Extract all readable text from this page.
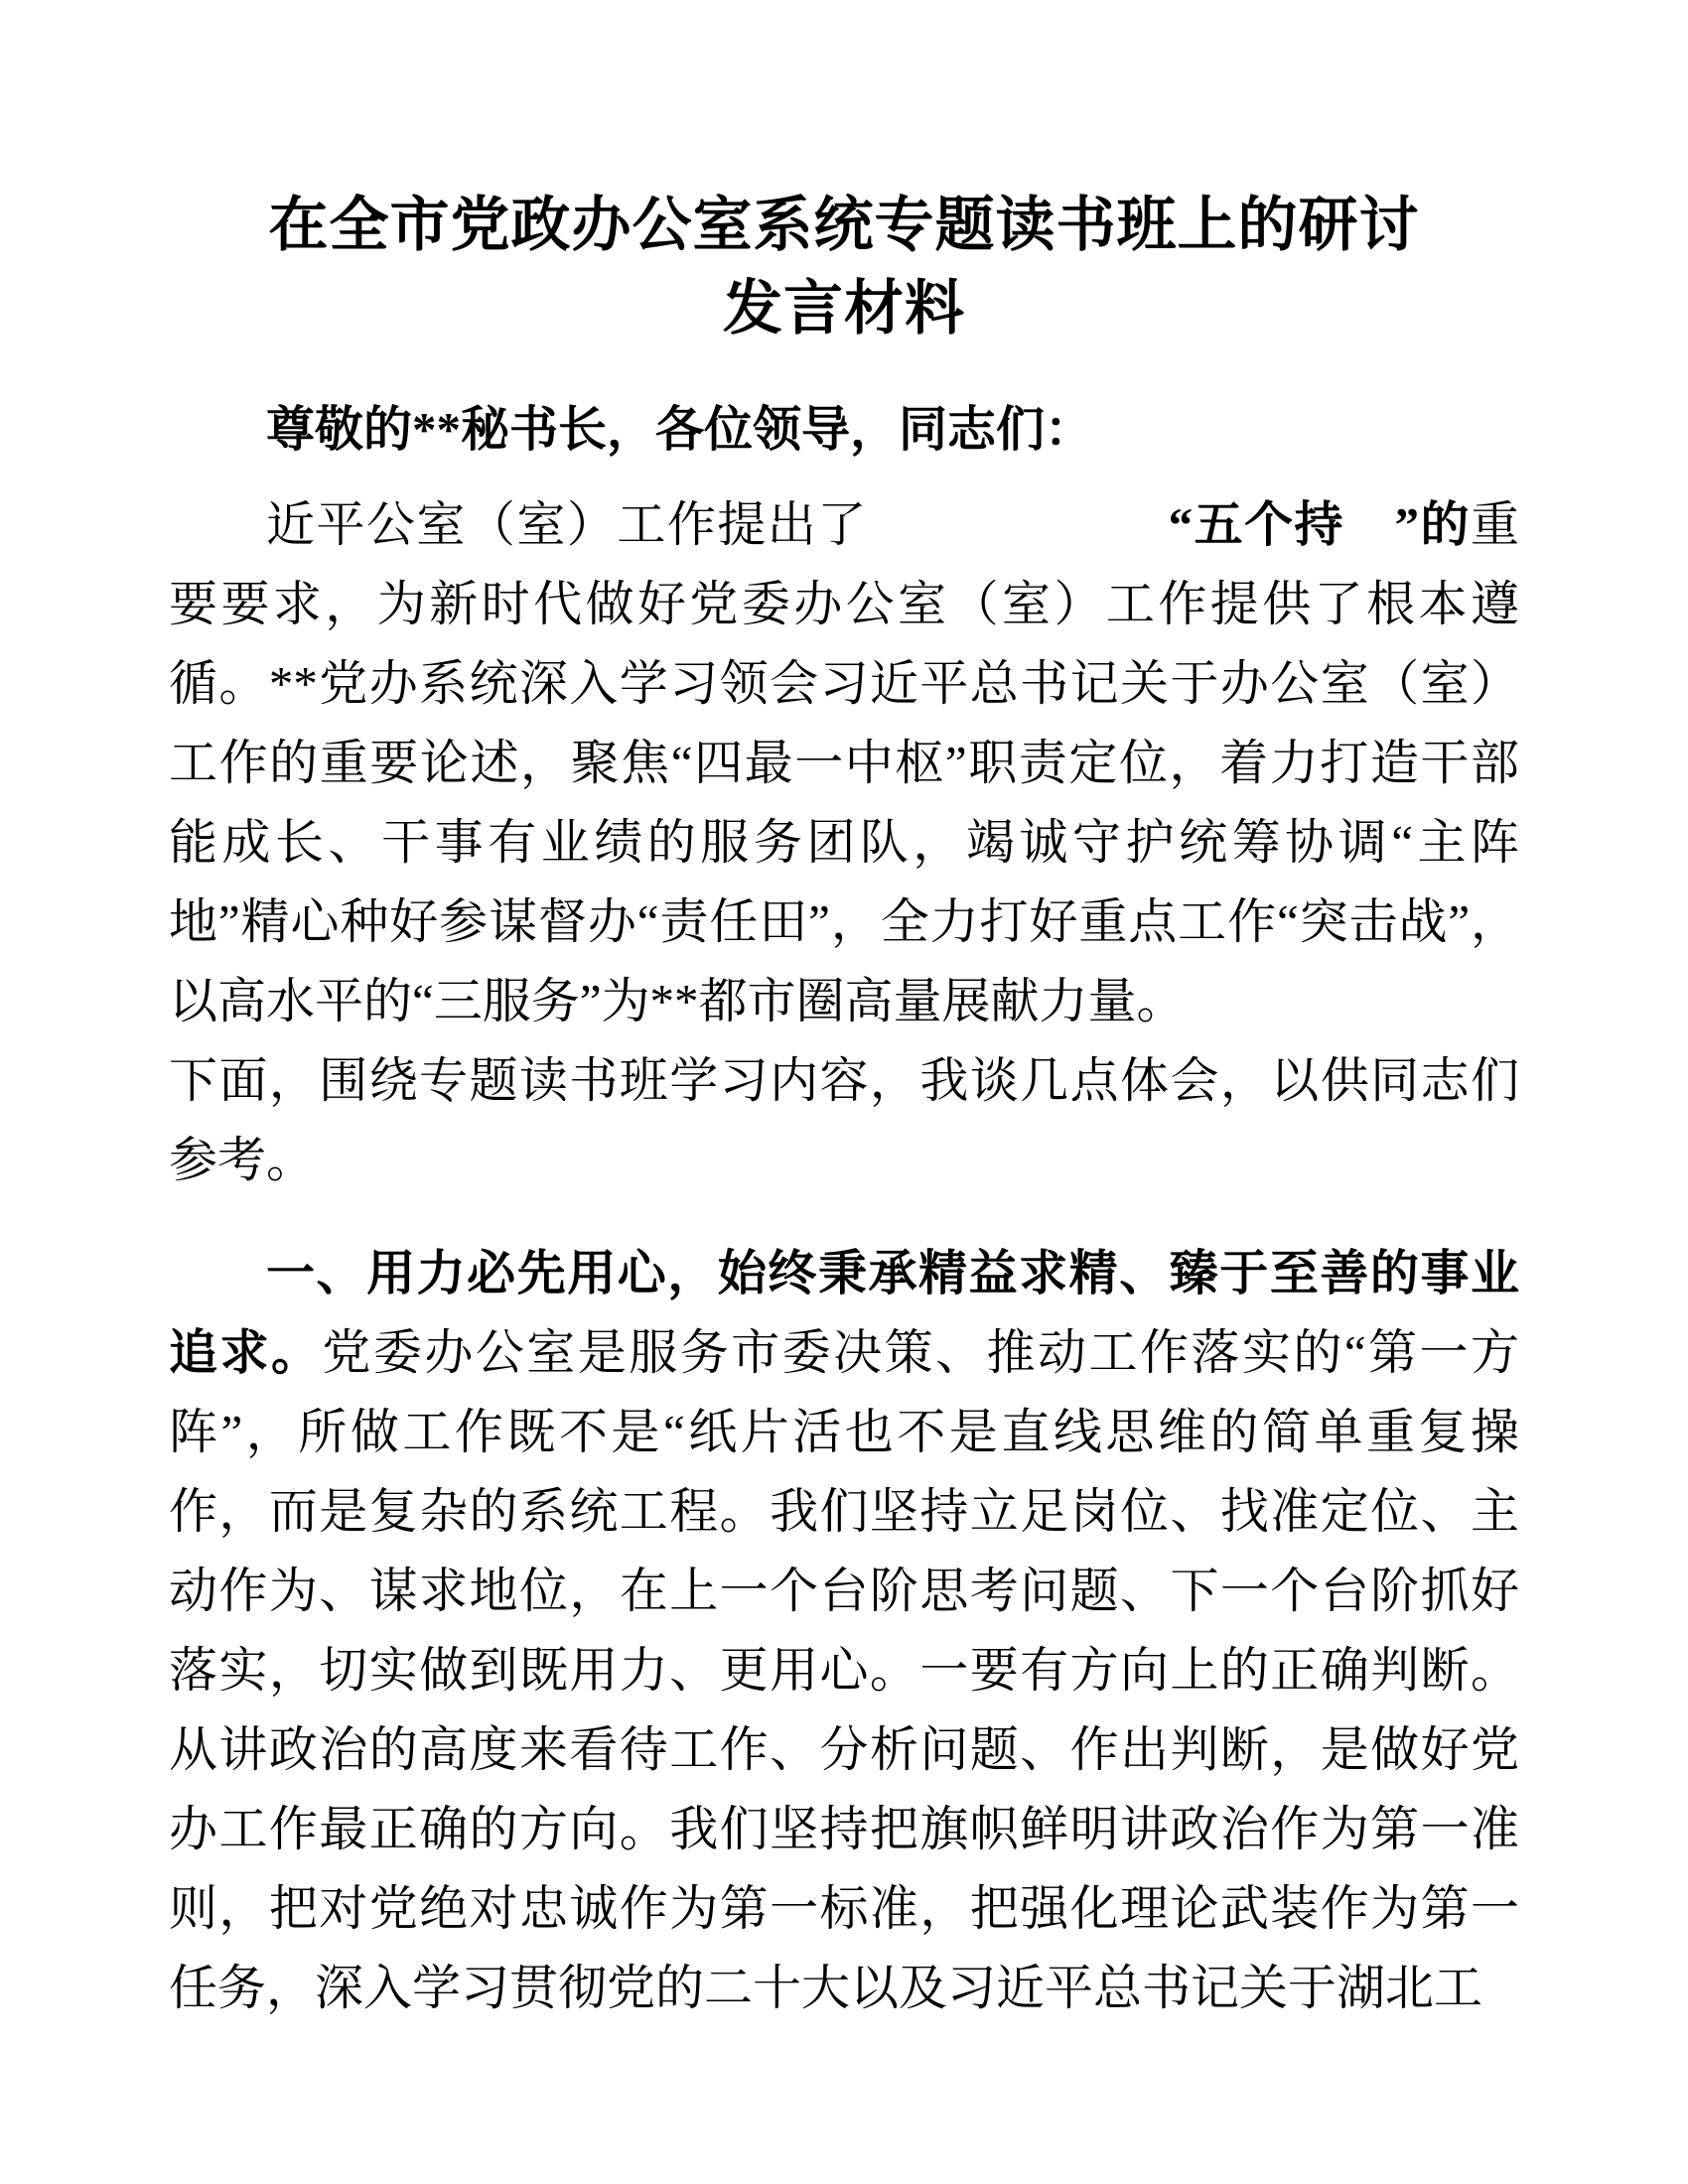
在全市党政办公室系统专题读书班上的研讨发言材料

尊敬的**秘书长，各位领导，同志们：

近平公室（室）工作提出了　　　　　　“五个持　”的重要要求，为新时代做好党委办公室（室）工作提供了根本遵循。**党办系统深入学习领会习近平总书记关于办公室（室）工作的重要论述，聚焦“四最一中枢”职责定位，着力打造干部能成长、干事有业绩的服务团队，竭诚守护统筹协调“主阵地”精心种好参谋督办“责任田”，全力打好重点工作“突击战”，以高水平的“三服务”为**都市圈高量展献力量。

下面，围绕专题读书班学习内容，我谈几点体会，以供同志们参考。

一、用力必先用心，始终秉承精益求精、臻于至善的事业追求。党委办公室是服务市委决策、推动工作落实的“第一方阵”，所做工作既不是“纸片活也不是直线思维的简单重复操作，而是复杂的系统工程。我们坚持立足岗位、找准定位、主动作为、谋求地位，在上一个台阶思考问题、下一个台阶抓好落实，切实做到既用力、更用心。一要有方向上的正确判断。从讲政治的高度来看待工作、分析问题、作出判断，是做好党办工作最正确的方向。我们坚持把旗帜鲜明讲政治作为第一准则，把对党绝对忠诚作为第一标准，把强化理论武装作为第一任务，深入学习贯彻党的二十大以及习近平总书记关于湖北工
